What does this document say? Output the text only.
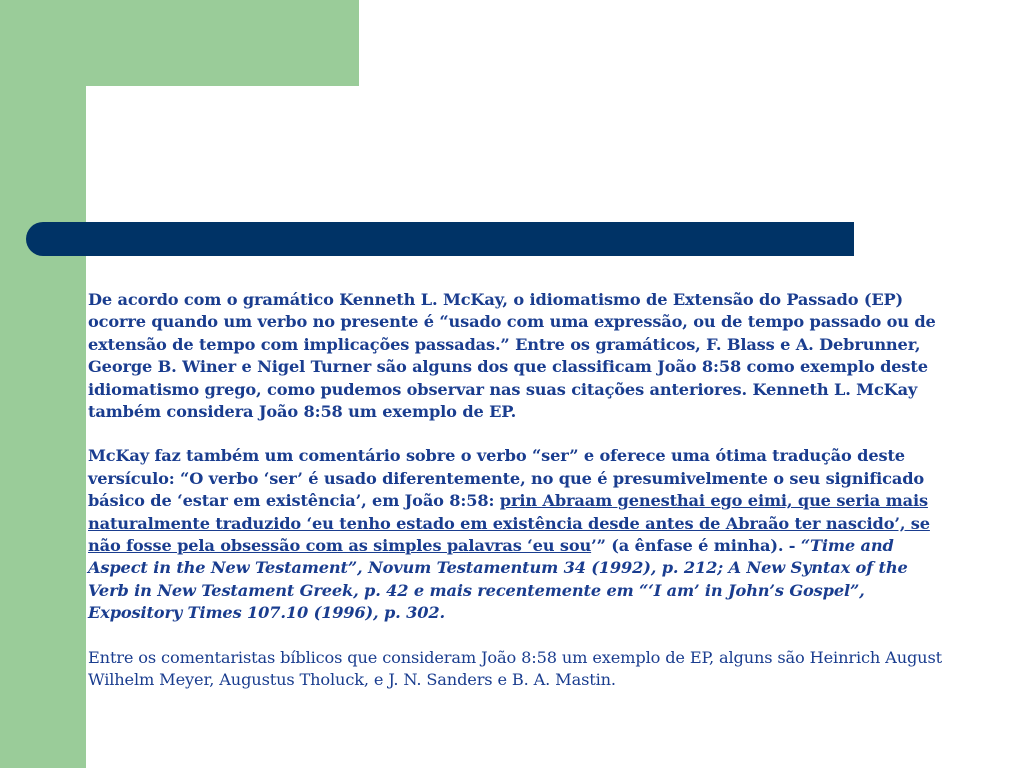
De acordo com o gramático Kenneth L. McKay, o idiomatismo de Extensão do Passado (EP) ocorre quando um verbo no presente é “usado com uma expressão, ou de tempo passado ou de extensão de tempo com implicações passadas.” Entre os gramáticos, F. Blass e A. Debrunner, George B. Winer e Nigel Turner são alguns dos que classificam João 8:58 como exemplo deste idiomatismo grego, como pudemos observar nas suas citações anteriores. Kenneth L. McKay também considera João 8:58 um exemplo de EP.

McKay faz também um comentário sobre o verbo “ser” e oferece uma ótima tradução deste versículo: “O verbo ‘ser’ é usado diferentemente, no que é presumivelmente o seu significado básico de ‘estar em existência’, em João 8:58: prin Abraam genesthai ego eimi, que seria mais naturalmente traduzido ‘eu tenho estado em existência desde antes de Abraão ter nascido’, se não fosse pela obsessão com as simples palavras ‘eu sou’” (a ênfase é minha). - “Time and Aspect in the New Testament”, Novum Testamentum 34 (1992), p. 212; A New Syntax of the Verb in New Testament Greek, p. 42 e mais recentemente em “‘I am’ in John’s Gospel”, Expository Times 107.10 (1996), p. 302.

Entre os comentaristas bíblicos que consideram João 8:58 um exemplo de EP, alguns são Heinrich August Wilhelm Meyer, Augustus Tholuck, e J. N. Sanders e B. A. Mastin.
